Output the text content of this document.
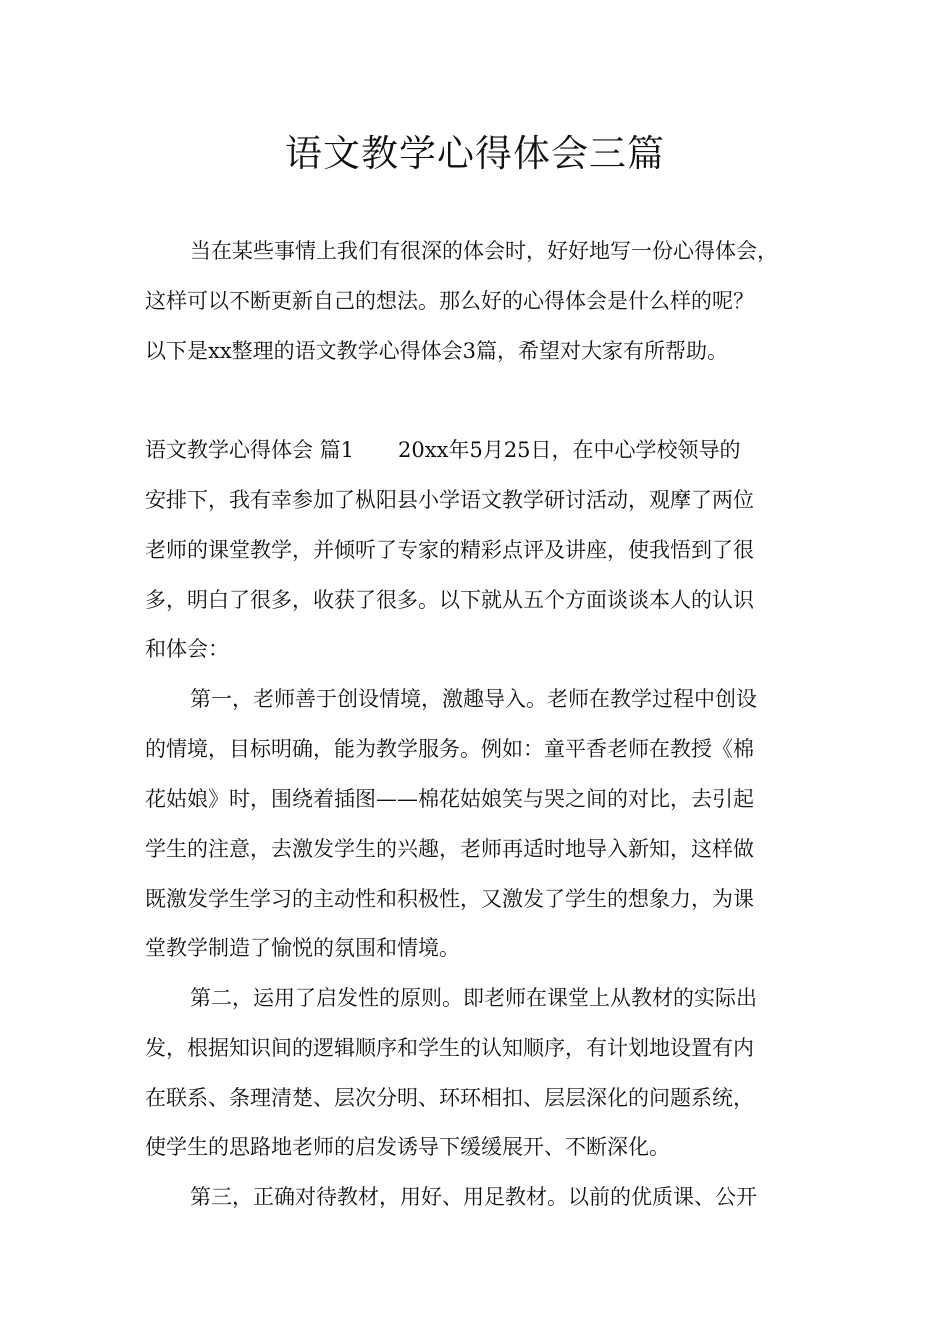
语文教学心得体会三篇
当在某些事情上我们有很深的体会时，好好地写一份心得体会，
这样可以不断更新自己的想法。那么好的心得体会是什么样的呢？
以下是xx整理的语文教学心得体会3篇，希望对大家有所帮助。
语文教学心得体会 篇1 20xx年5月25日，在中心学校领导的
安排下，我有幸参加了枞阳县小学语文教学研讨活动，观摩了两位
老师的课堂教学，并倾听了专家的精彩点评及讲座，使我悟到了很
多，明白了很多，收获了很多。以下就从五个方面谈谈本人的认识
和体会：
第一，老师善于创设情境，激趣导入。老师在教学过程中创设
的情境，目标明确，能为教学服务。例如：童平香老师在教授《棉
花姑娘》时，围绕着插图——棉花姑娘笑与哭之间的对比，去引起
学生的注意，去激发学生的兴趣，老师再适时地导入新知，这样做
既激发学生学习的主动性和积极性，又激发了学生的想象力，为课
堂教学制造了愉悦的氛围和情境。
第二，运用了启发性的原则。即老师在课堂上从教材的实际出
发，根据知识间的逻辑顺序和学生的认知顺序，有计划地设置有内
在联系、条理清楚、层次分明、环环相扣、层层深化的问题系统，
使学生的思路地老师的启发诱导下缓缓展开、不断深化。
第三，正确对待教材，用好、用足教材。以前的优质课、公开
